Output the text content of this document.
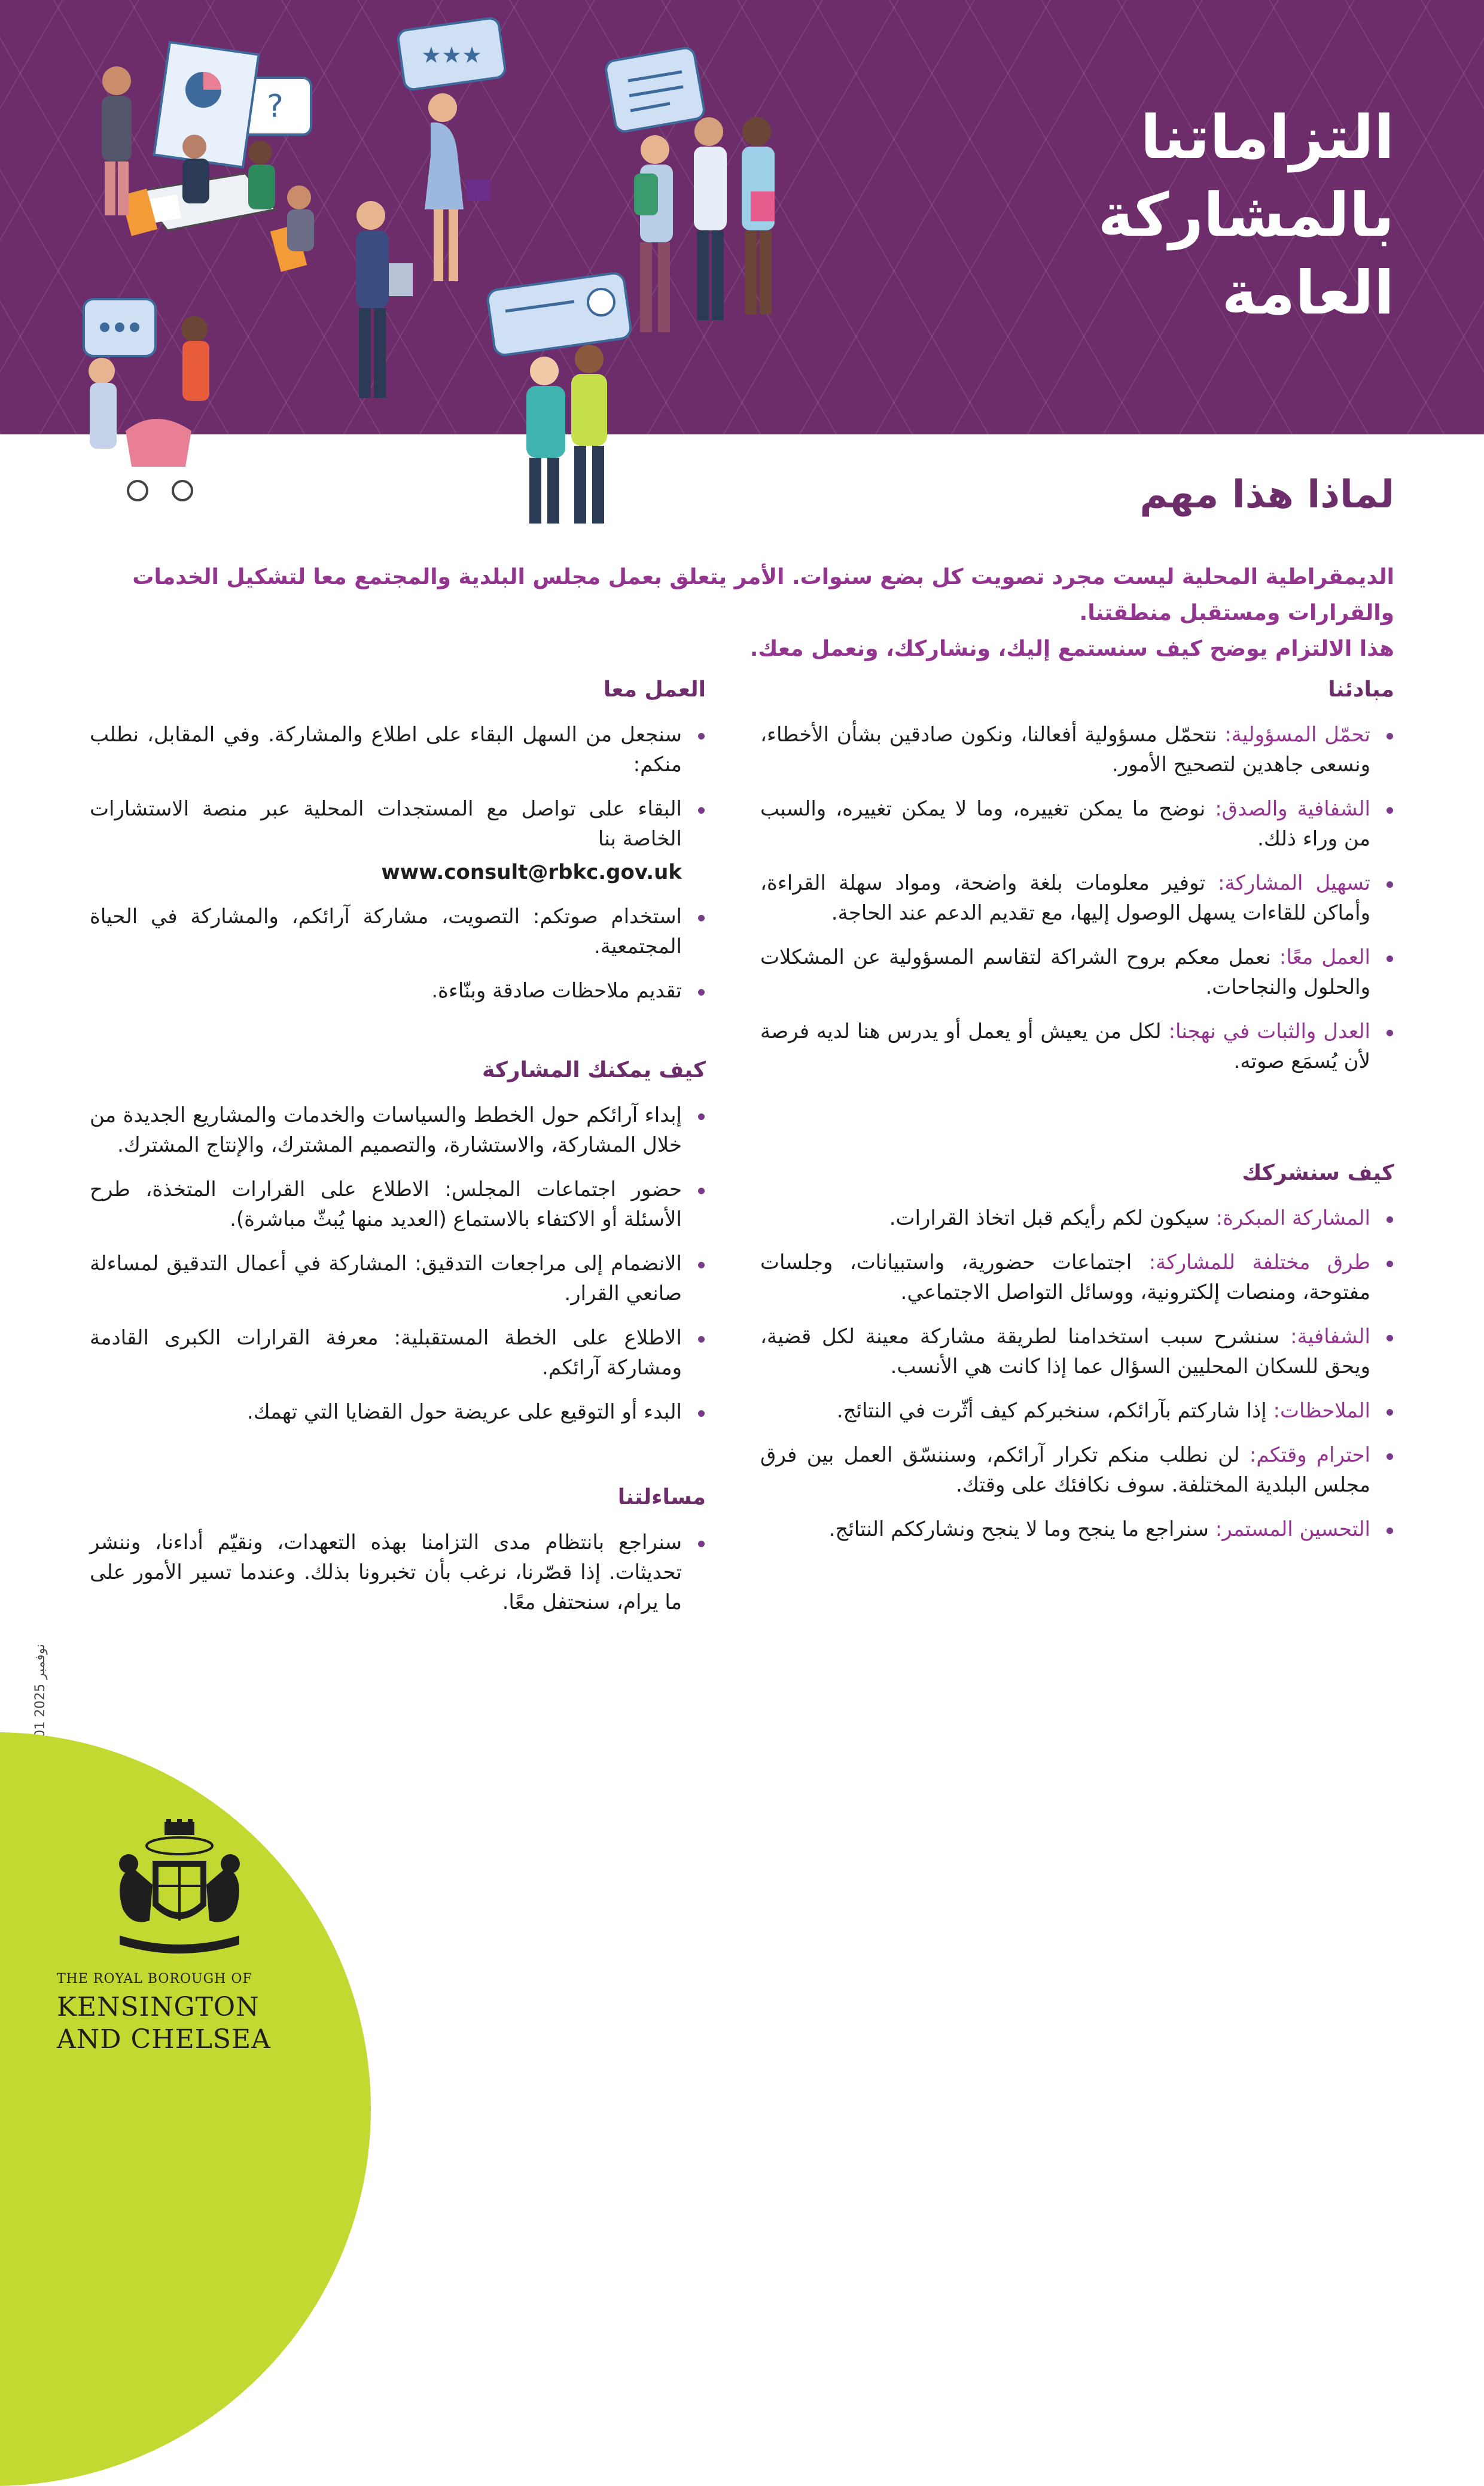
?
★★★
التزاماتنا
بالمشاركة
العامة
لماذا هذا مهم

الديمقراطية المحلية ليست مجرد تصويت كل بضع سنوات. الأمر يتعلق بعمل مجلس البلدية والمجتمع معا لتشكيل الخدمات والقرارات ومستقبل منطقتنا.

هذا الالتزام يوضح كيف سنستمع إليك، ونشاركك، ونعمل معك.

مبادئنا
تحمّل المسؤولية: نتحمّل مسؤولية أفعالنا، ونكون صادقين بشأن الأخطاء، ونسعى جاهدين لتصحيح الأمور.
الشفافية والصدق: نوضح ما يمكن تغييره، وما لا يمكن تغييره، والسبب من وراء ذلك.
تسهيل المشاركة: توفير معلومات بلغة واضحة، ومواد سهلة القراءة، وأماكن للقاءات يسهل الوصول إليها، مع تقديم الدعم عند الحاجة.
العمل معًا: نعمل معكم بروح الشراكة لتقاسم المسؤولية عن المشكلات والحلول والنجاحات.
العدل والثبات في نهجنا: لكل من يعيش أو يعمل أو يدرس هنا لديه فرصة لأن يُسمَع صوته.
كيف سنشركك
المشاركة المبكرة: سيكون لكم رأيكم قبل اتخاذ القرارات.
طرق مختلفة للمشاركة: اجتماعات حضورية، واستبيانات، وجلسات مفتوحة، ومنصات إلكترونية، ووسائل التواصل الاجتماعي.
الشفافية: سنشرح سبب استخدامنا لطريقة مشاركة معينة لكل قضية، ويحق للسكان المحليين السؤال عما إذا كانت هي الأنسب.
الملاحظات: إذا شاركتم بآرائكم، سنخبركم كيف أثّرت في النتائج.
احترام وقتكم: لن نطلب منكم تكرار آرائكم، وسننسّق العمل بين فرق مجلس البلدية المختلفة. سوف نكافئك على وقتك.
التحسين المستمر: سنراجع ما ينجح وما لا ينجح ونشارككم النتائج.
العمل معا
سنجعل من السهل البقاء على اطلاع والمشاركة. وفي المقابل، نطلب منكم:
البقاء على تواصل مع المستجدات المحلية عبر منصة الاستشارات الخاصة بنا
www.consult@rbkc.gov.uk
استخدام صوتكم: التصويت، مشاركة آرائكم، والمشاركة في الحياة المجتمعية.
تقديم ملاحظات صادقة وبنّاءة.
كيف يمكنك المشاركة
إبداء آرائكم حول الخطط والسياسات والخدمات والمشاريع الجديدة من خلال المشاركة، والاستشارة، والتصميم المشترك، والإنتاج المشترك.
حضور اجتماعات المجلس: الاطلاع على القرارات المتخذة، طرح الأسئلة أو الاكتفاء بالاستماع (العديد منها يُبثّ مباشرة).
الانضمام إلى مراجعات التدقيق: المشاركة في أعمال التدقيق لمساءلة صانعي القرار.
الاطلاع على الخطة المستقبلية: معرفة القرارات الكبرى القادمة ومشاركة آرائكم.
البدء أو التوقيع على عريضة حول القضايا التي تهمك.
مساءلتنا
سنراجع بانتظام مدى التزامنا بهذه التعهدات، ونقيّم أداءنا، وننشر تحديثات. إذا قصّرنا، نرغب بأن تخبرونا بذلك. وعندما تسير الأمور على ما يرام، سنحتفل معًا.
نوفمبر 2025
THE ROYAL BOROUGH OF
KENSINGTON
AND CHELSEA
